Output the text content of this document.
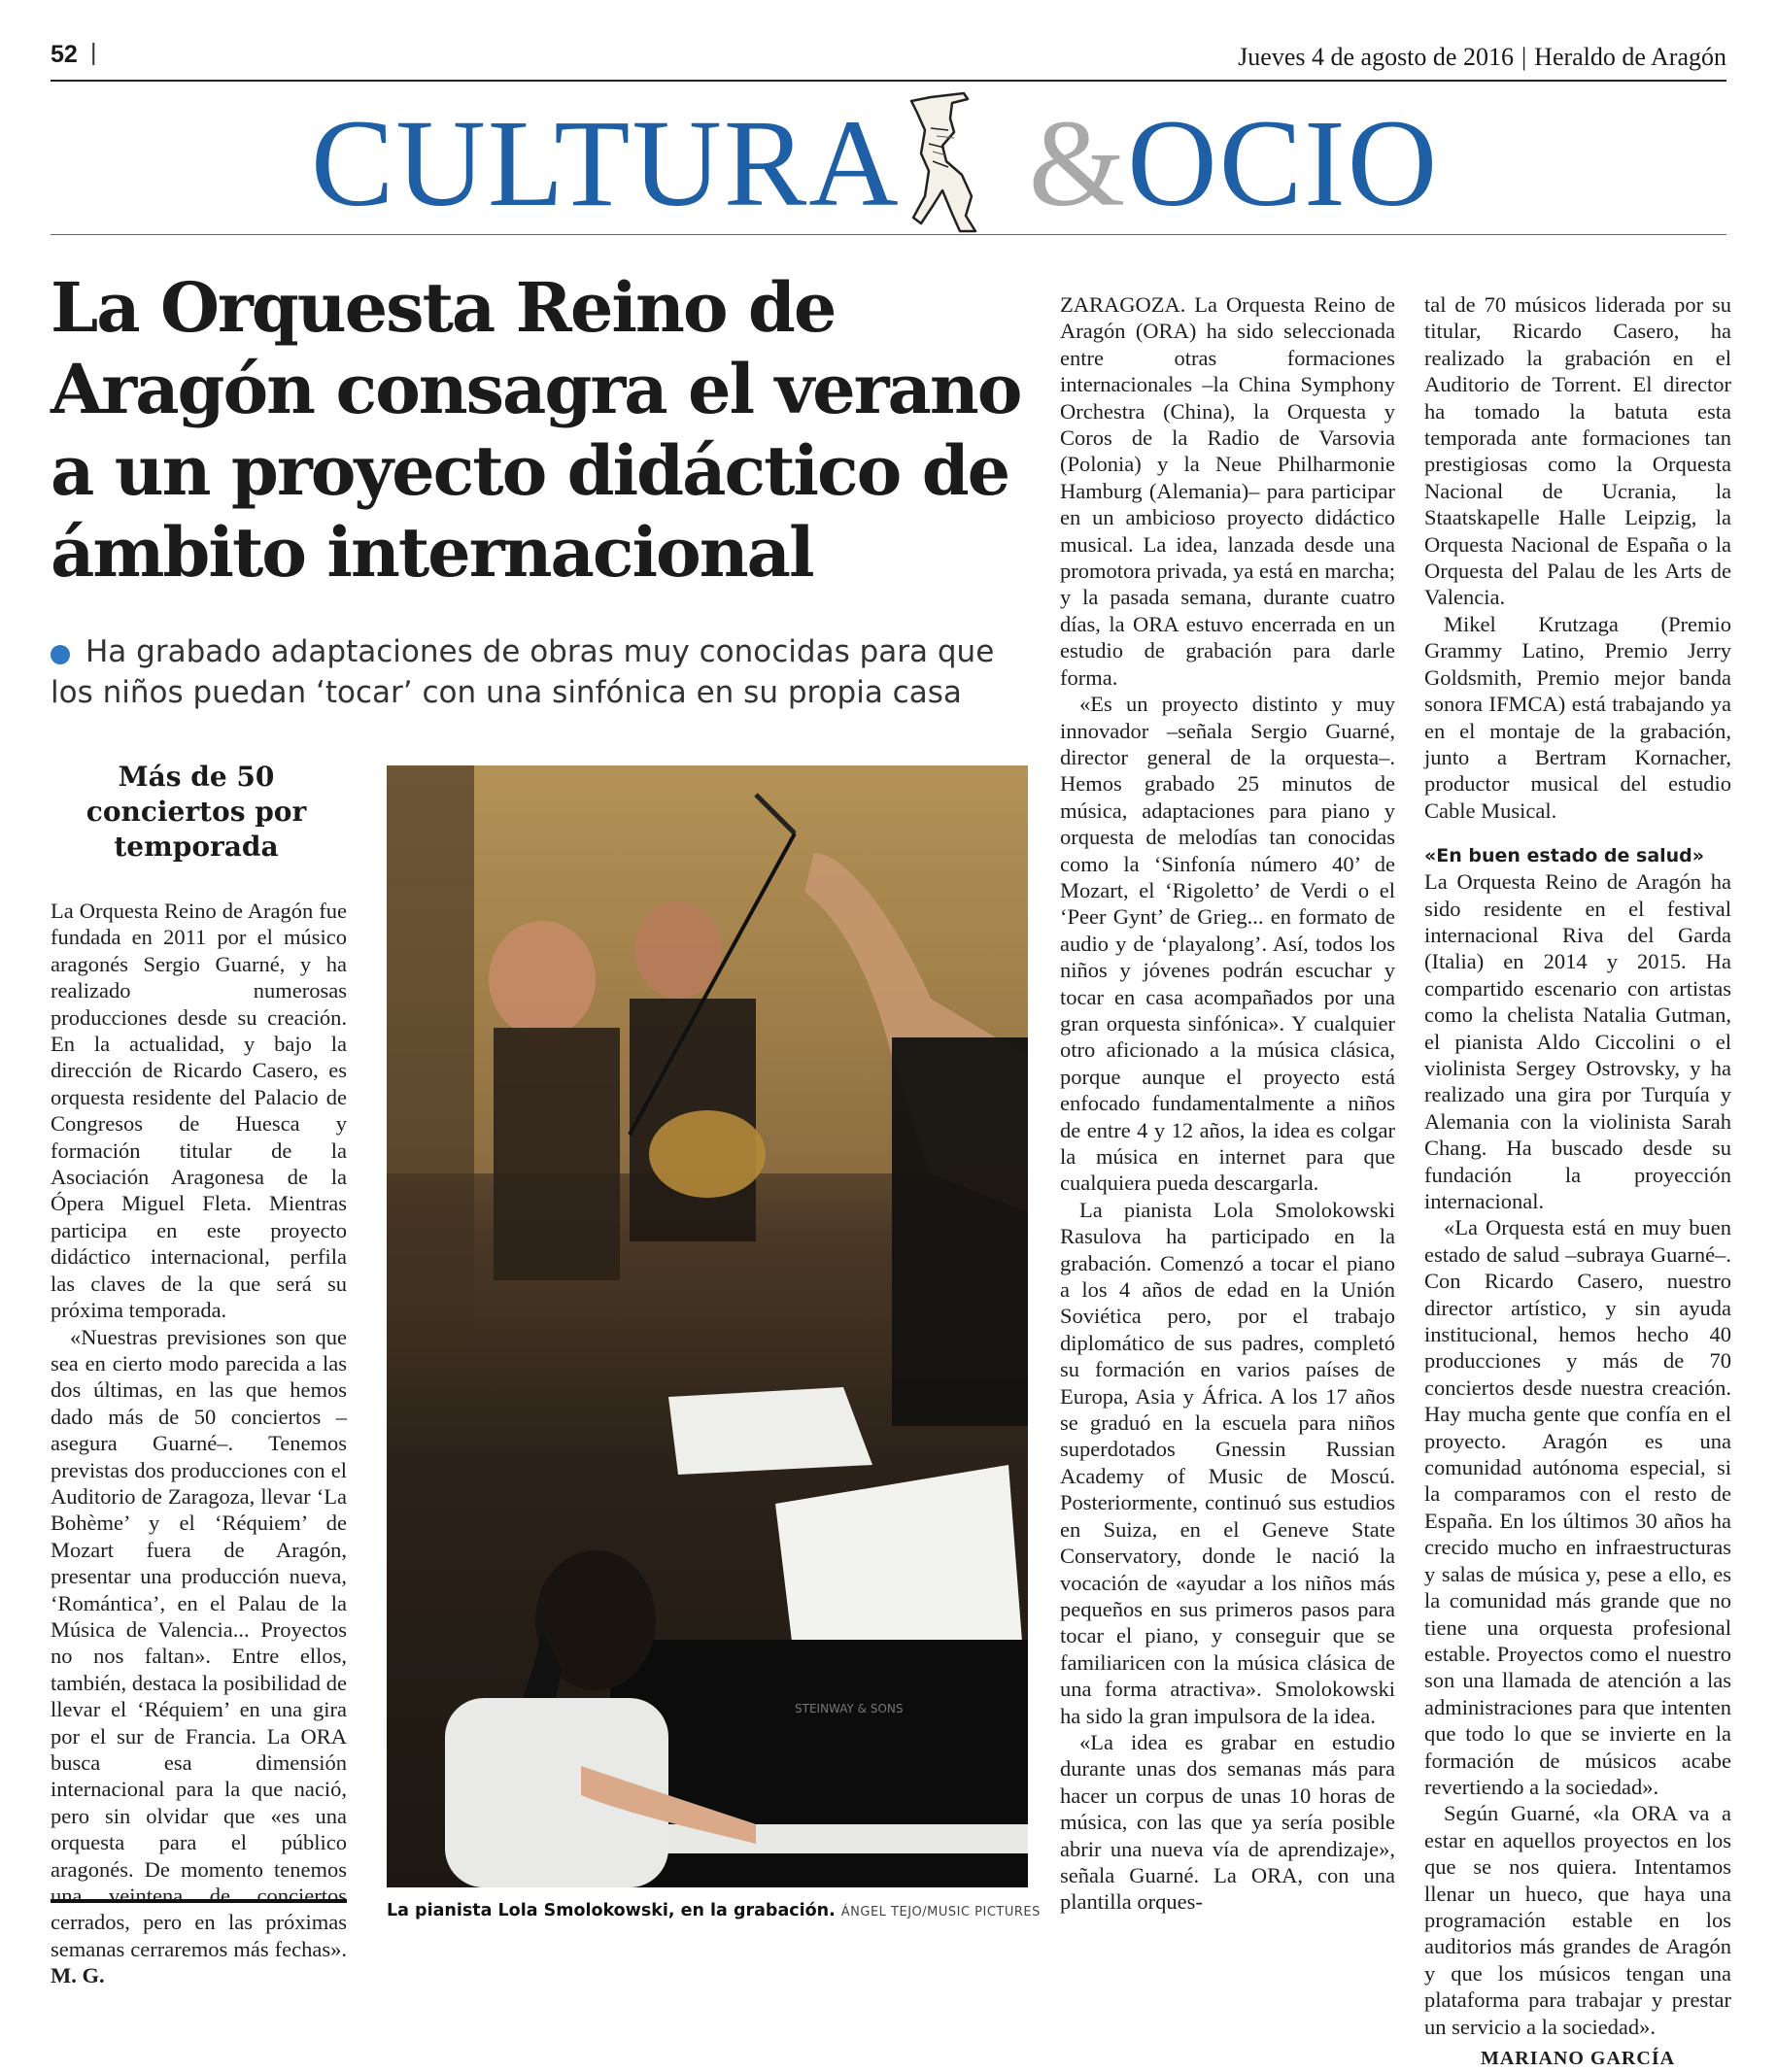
52 |	Jueves 4 de agosto de 2016 | Heraldo de Aragón
CULTURA &OCIO
La Orquesta Reino de Aragón consagra el verano a un proyecto didáctico de ámbito internacional

Ha grabado adaptaciones de obras muy conocidas para que los niños puedan ‘tocar’ con una sinfónica en su propia casa

Más de 50 conciertos por temporada

La Orquesta Reino de Aragón fue fundada en 2011 por el músico aragonés Sergio Guarné, y ha realizado numerosas producciones desde su creación. En la actualidad, y bajo la dirección de Ricardo Casero, es orquesta residente del Palacio de Congresos de Huesca y formación titular de la Asociación Aragonesa de la Ópera Miguel Fleta. Mientras participa en este proyecto didáctico internacional, perfila las claves de la que será su próxima temporada.

«Nuestras previsiones son que sea en cierto modo parecida a las dos últimas, en las que hemos dado más de 50 conciertos –asegura Guarné–. Tenemos previstas dos producciones con el Auditorio de Zaragoza, llevar ‘La Bohème’ y el ‘Réquiem’ de Mozart fuera de Aragón, presentar una producción nueva, ‘Romántica’, en el Palau de la Música de Valencia... Proyectos no nos faltan». Entre ellos, también, destaca la posibilidad de llevar el ‘Réquiem’ en una gira por el sur de Francia. La ORA busca esa dimensión internacional para la que nació, pero sin olvidar que «es una orquesta para el público aragonés. De momento tenemos una veintena de conciertos cerrados, pero en las próximas semanas cerraremos más fechas». M. G.

STEINWAY & SONS
La pianista Lola Smolokowski, en la grabación. ÁNGEL TEJO/MUSIC PICTURES

ZARAGOZA. La Orquesta Reino de Aragón (ORA) ha sido seleccionada entre otras formaciones internacionales –la China Symphony Orchestra (China), la Orquesta y Coros de la Radio de Varsovia (Polonia) y la Neue Philharmonie Hamburg (Alemania)– para participar en un ambicioso proyecto didáctico musical. La idea, lanzada desde una promotora privada, ya está en marcha; y la pasada semana, durante cuatro días, la ORA estuvo encerrada en un estudio de grabación para darle forma.

«Es un proyecto distinto y muy innovador –señala Sergio Guarné, director general de la orquesta–. Hemos grabado 25 minutos de música, adaptaciones para piano y orquesta de melodías tan conocidas como la ‘Sinfonía número 40’ de Mozart, el ‘Rigoletto’ de Verdi o el ‘Peer Gynt’ de Grieg... en formato de audio y de ‘playalong’. Así, todos los niños y jóvenes podrán escuchar y tocar en casa acompañados por una gran orquesta sinfónica». Y cualquier otro aficionado a la música clásica, porque aunque el proyecto está enfocado fundamentalmente a niños de entre 4 y 12 años, la idea es colgar la música en internet para que cualquiera pueda descargarla.

La pianista Lola Smolokowski Rasulova ha participado en la grabación. Comenzó a tocar el piano a los 4 años de edad en la Unión Soviética pero, por el trabajo diplomático de sus padres, completó su formación en varios países de Europa, Asia y África. A los 17 años se graduó en la escuela para niños superdotados Gnessin Russian Academy of Music de Moscú. Posteriormente, continuó sus estudios en Suiza, en el Geneve State Conservatory, donde le nació la vocación de «ayudar a los niños más pequeños en sus primeros pasos para tocar el piano, y conseguir que se familiaricen con la música clásica de una forma atractiva». Smolokowski ha sido la gran impulsora de la idea.

«La idea es grabar en estudio durante unas dos semanas más para hacer un corpus de unas 10 horas de música, con las que ya sería posible abrir una nueva vía de aprendizaje», señala Guarné. La ORA, con una plantilla orques-

tal de 70 músicos liderada por su titular, Ricardo Casero, ha realizado la grabación en el Auditorio de Torrent. El director ha tomado la batuta esta temporada ante formaciones tan prestigiosas como la Orquesta Nacional de Ucrania, la Staatskapelle Halle Leipzig, la Orquesta Nacional de España o la Orquesta del Palau de les Arts de Valencia.

Mikel Krutzaga (Premio Grammy Latino, Premio Jerry Goldsmith, Premio mejor banda sonora IFMCA) está trabajando ya en el montaje de la grabación, junto a Bertram Kornacher, productor musical del estudio Cable Musical.

«En buen estado de salud»

La Orquesta Reino de Aragón ha sido residente en el festival internacional Riva del Garda (Italia) en 2014 y 2015. Ha compartido escenario con artistas como la chelista Natalia Gutman, el pianista Aldo Ciccolini o el violinista Sergey Ostrovsky, y ha realizado una gira por Turquía y Alemania con la violinista Sarah Chang. Ha buscado desde su fundación la proyección internacional.

«La Orquesta está en muy buen estado de salud –subraya Guarné–. Con Ricardo Casero, nuestro director artístico, y sin ayuda institucional, hemos hecho 40 producciones y más de 70 conciertos desde nuestra creación. Hay mucha gente que confía en el proyecto. Aragón es una comunidad autónoma especial, si la comparamos con el resto de España. En los últimos 30 años ha crecido mucho en infraestructuras y salas de música y, pese a ello, es la comunidad más grande que no tiene una orquesta profesional estable. Proyectos como el nuestro son una llamada de atención a las administraciones para que intenten que todo lo que se invierte en la formación de músicos acabe revertiendo a la sociedad».

Según Guarné, «la ORA va a estar en aquellos proyectos en los que se nos quiera. Intentamos llenar un hueco, que haya una programación estable en los auditorios más grandes de Aragón y que los músicos tengan una plataforma para trabajar y prestar un servicio a la sociedad».

MARIANO GARCÍA
